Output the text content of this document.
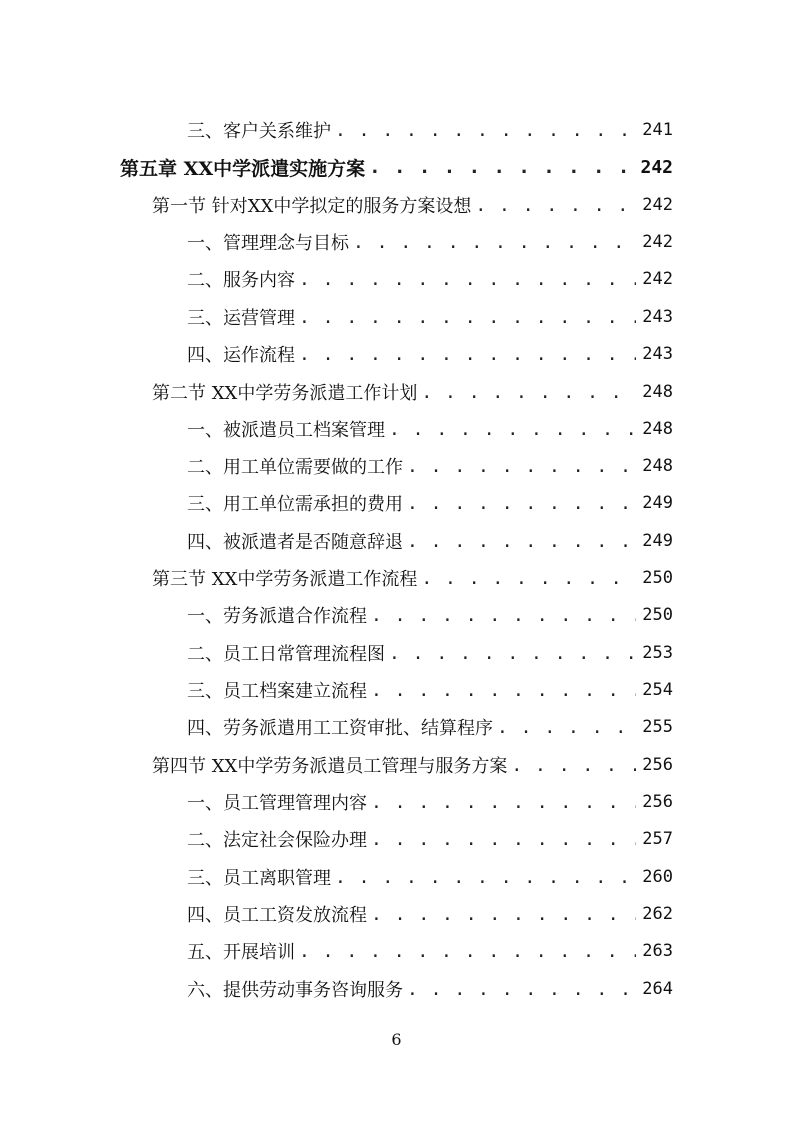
三、客户关系维护 . . .	241
第五章 XX中学派遣实施方案 . . .	242
第一节 针对XX中学拟定的服务方案设想 . . .	242
一、管理理念与目标 . . .	242
二、服务内容 . . .	242
三、运营管理 . . .	243
四、运作流程 . . .	243
第二节 XX中学劳务派遣工作计划 . . .	248
一、被派遣员工档案管理 . . .	248
二、用工单位需要做的工作 . . .	248
三、用工单位需承担的费用 . . .	249
四、被派遣者是否随意辞退 . . .	249
第三节 XX中学劳务派遣工作流程 . . .	250
一、劳务派遣合作流程 . . .	250
二、员工日常管理流程图 . . .	253
三、员工档案建立流程 . . .	254
四、劳务派遣用工工资审批、结算程序 . . .	255
第四节 XX中学劳务派遣员工管理与服务方案 . . .	256
一、员工管理管理内容 . . .	256
二、法定社会保险办理 . . .	257
三、员工离职管理 . . .	260
四、员工工资发放流程 . . .	262
五、开展培训 . . .	263
六、提供劳动事务咨询服务 . . .	264
6
